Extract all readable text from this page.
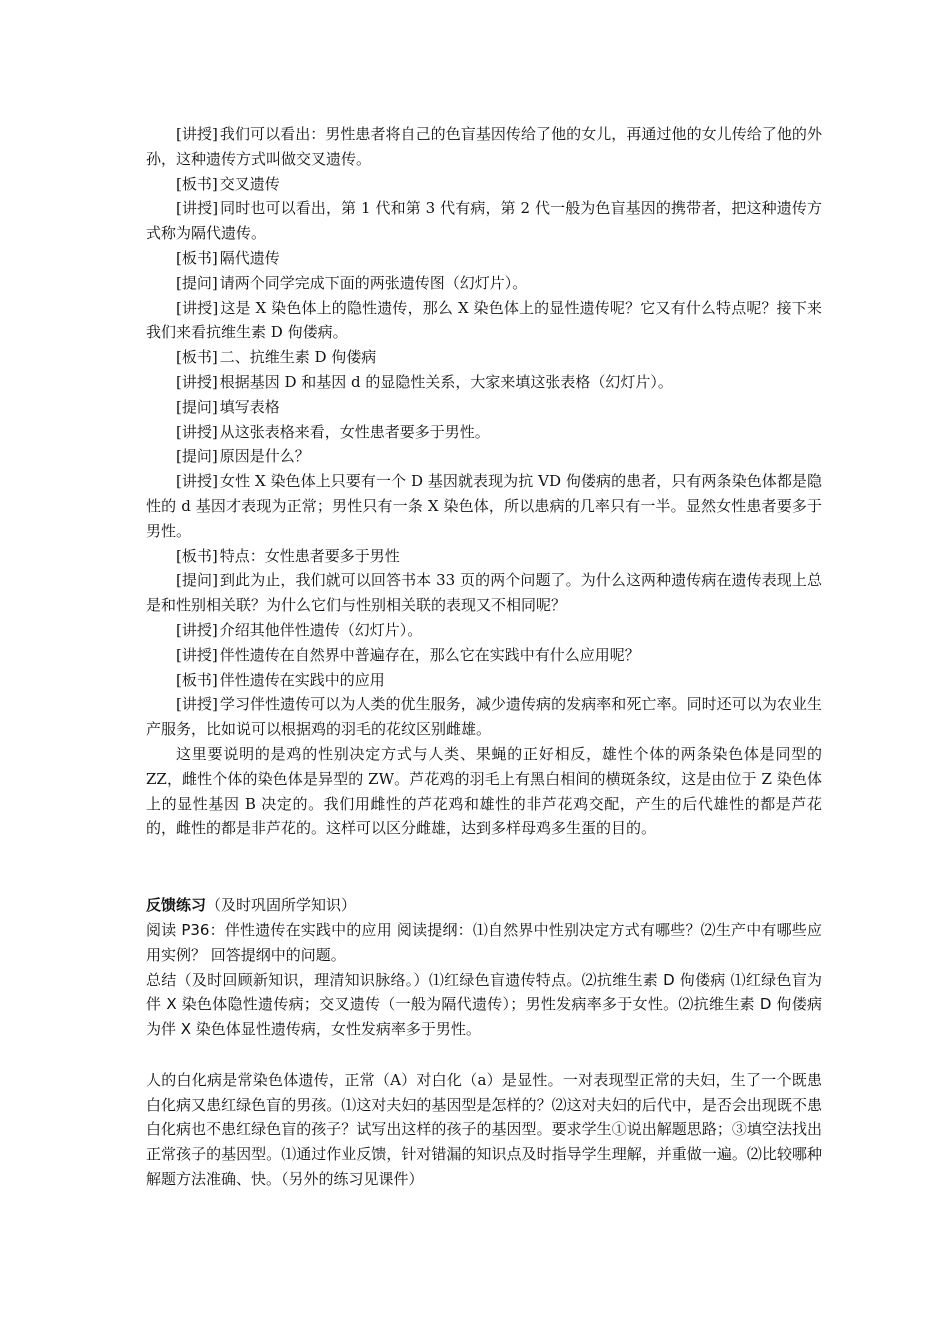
[讲授] 我们可以看出：男性患者将自己的色盲基因传给了他的女儿，再通过他的女儿传给了他的外孙，这种遗传方式叫做交叉遗传。

[板书] 交叉遗传

[讲授] 同时也可以看出，第 1 代和第 3 代有病，第 2 代一般为色盲基因的携带者，把这种遗传方式称为隔代遗传。

[板书] 隔代遗传

[提问] 请两个同学完成下面的两张遗传图（幻灯片）。

[讲授] 这是 X 染色体上的隐性遗传，那么 X 染色体上的显性遗传呢？它又有什么特点呢？接下来我们来看抗维生素 D 佝偻病。

[板书] 二、抗维生素 D 佝偻病

[讲授] 根据基因 D 和基因 d 的显隐性关系，大家来填这张表格（幻灯片）。

[提问] 填写表格

[讲授] 从这张表格来看，女性患者要多于男性。

[提问] 原因是什么？

[讲授] 女性 X 染色体上只要有一个 D 基因就表现为抗 VD 佝偻病的患者，只有两条染色体都是隐性的 d 基因才表现为正常；男性只有一条 X 染色体，所以患病的几率只有一半。显然女性患者要多于男性。

[板书] 特点：女性患者要多于男性

[提问] 到此为止，我们就可以回答书本 33 页的两个问题了。为什么这两种遗传病在遗传表现上总是和性别相关联？为什么它们与性别相关联的表现又不相同呢？

[讲授] 介绍其他伴性遗传（幻灯片）。

[讲授] 伴性遗传在自然界中普遍存在，那么它在实践中有什么应用呢？

[板书] 伴性遗传在实践中的应用

[讲授] 学习伴性遗传可以为人类的优生服务，减少遗传病的发病率和死亡率。同时还可以为农业生产服务，比如说可以根据鸡的羽毛的花纹区别雌雄。

这里要说明的是鸡的性别决定方式与人类、果蝇的正好相反，雄性个体的两条染色体是同型的 ZZ，雌性个体的染色体是异型的 ZW。芦花鸡的羽毛上有黑白相间的横斑条纹，这是由位于 Z 染色体上的显性基因 B 决定的。我们用雌性的芦花鸡和雄性的非芦花鸡交配，产生的后代雄性的都是芦花的，雌性的都是非芦花的。这样可以区分雌雄，达到多样母鸡多生蛋的目的。

反馈练习（及时巩固所学知识）

阅读 P36：伴性遗传在实践中的应用 阅读提纲：⑴自然界中性别决定方式有哪些？⑵生产中有哪些应用实例？ 回答提纲中的问题。

总结（及时回顾新知识，理清知识脉络。）⑴红绿色盲遗传特点。⑵抗维生素 D 佝偻病 ⑴红绿色盲为伴 X 染色体隐性遗传病；交叉遗传（一般为隔代遗传）；男性发病率多于女性。⑵抗维生素 D 佝偻病为伴 X 染色体显性遗传病，女性发病率多于男性。

人的白化病是常染色体遗传，正常（A）对白化（a）是显性。一对表现型正常的夫妇，生了一个既患白化病又患红绿色盲的男孩。⑴这对夫妇的基因型是怎样的？⑵这对夫妇的后代中，是否会出现既不患白化病也不患红绿色盲的孩子？试写出这样的孩子的基因型。要求学生①说出解题思路；③填空法找出正常孩子的基因型。⑴通过作业反馈，针对错漏的知识点及时指导学生理解，并重做一遍。⑵比较哪种解题方法准确、快。（另外的练习见课件）
